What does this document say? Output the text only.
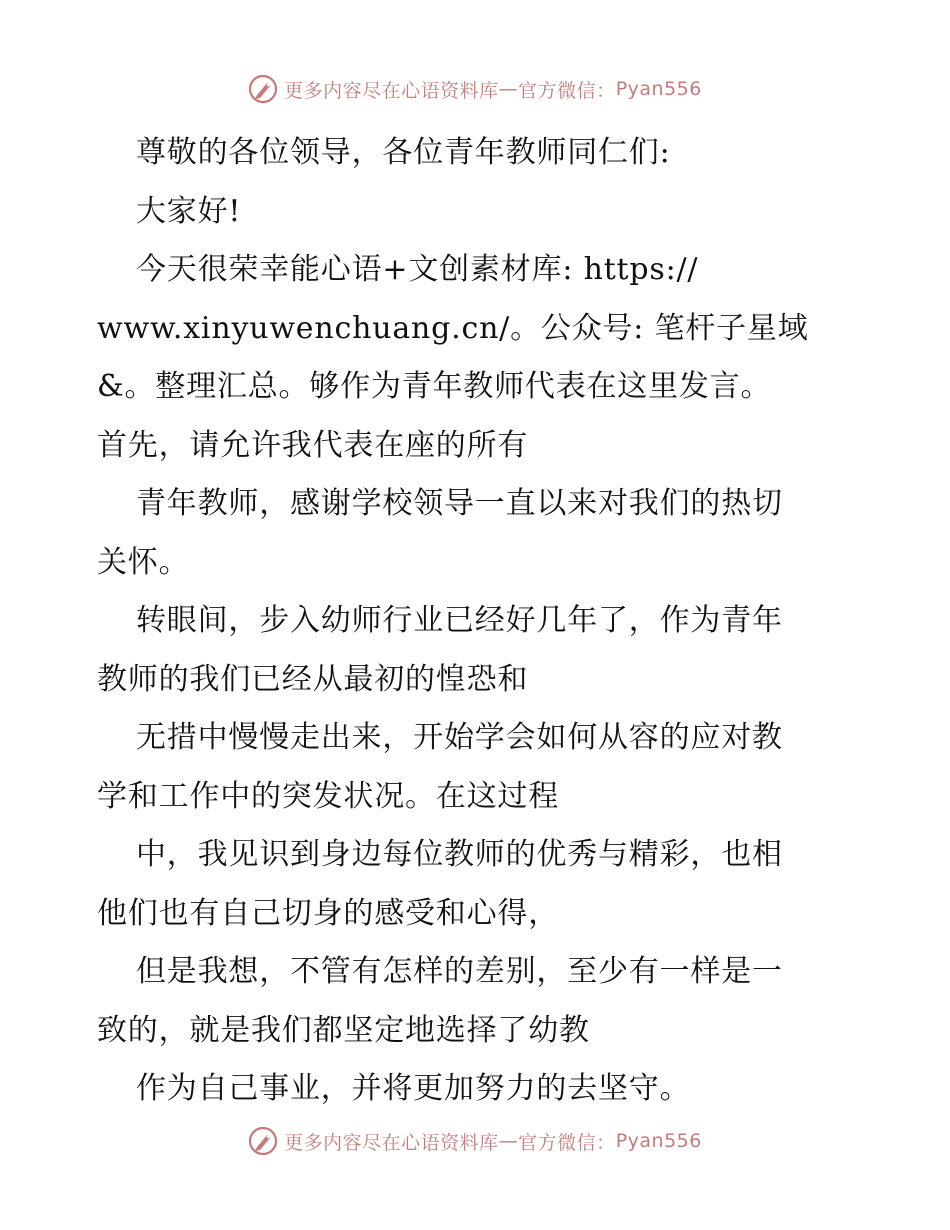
更多内容尽在心语资料库 — 官方微信： Pyan556
尊敬的各位领导，各位青年教师同仁们:
大家好!
今天很荣幸能心语+文创素材库: https://
www.xinyuwenchuang.cn/。公众号: 笔杆子星域
&。整理汇总。够作为青年教师代表在这里发言。
首先，请允许我代表在座的所有
青年教师，感谢学校领导一直以来对我们的热切
关怀。
转眼间，步入幼师行业已经好几年了，作为青年
教师的我们已经从最初的惶恐和
无措中慢慢走出来，开始学会如何从容的应对教
学和工作中的突发状况。在这过程
中，我见识到身边每位教师的优秀与精彩，也相
他们也有自己切身的感受和心得，
但是我想，不管有怎样的差别，至少有一样是一
致的，就是我们都坚定地选择了幼教
作为自己事业，并将更加努力的去坚守。
更多内容尽在心语资料库 — 官方微信： Pyan556
